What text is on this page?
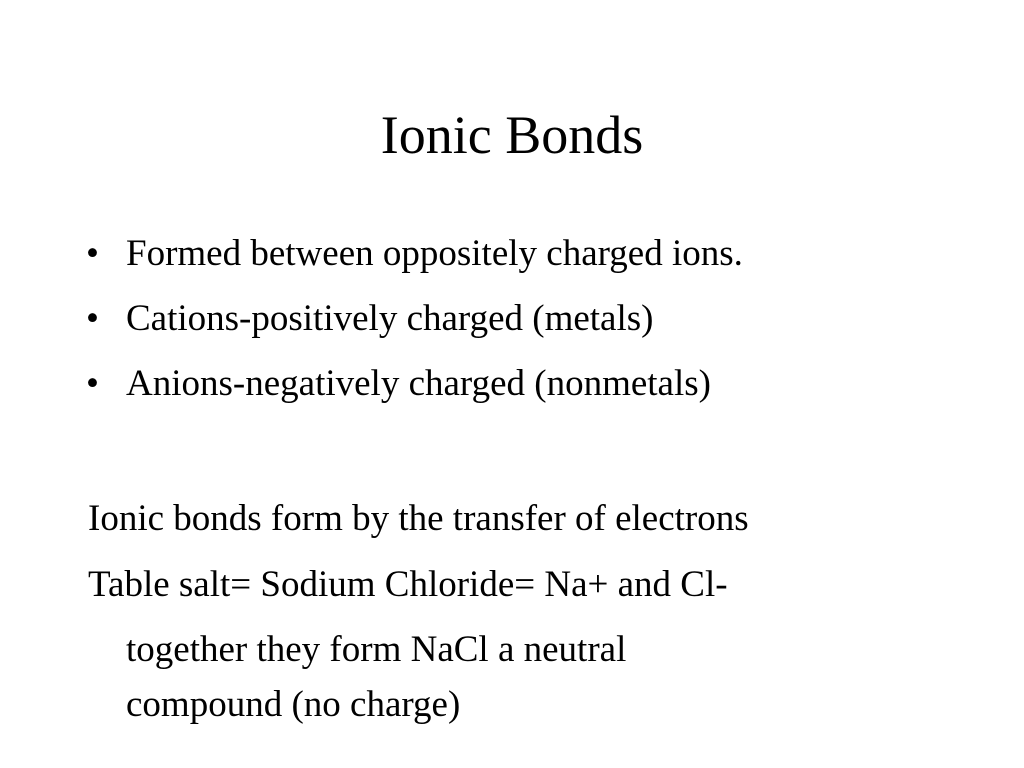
Ionic Bonds
• Formed between oppositely charged ions.
• Cations-positively charged (metals)
• Anions-negatively charged (nonmetals)
Ionic bonds form by the transfer of electrons
Table salt= Sodium Chloride= Na+ and Cl-
together they form NaCl a neutral
compound (no charge)
